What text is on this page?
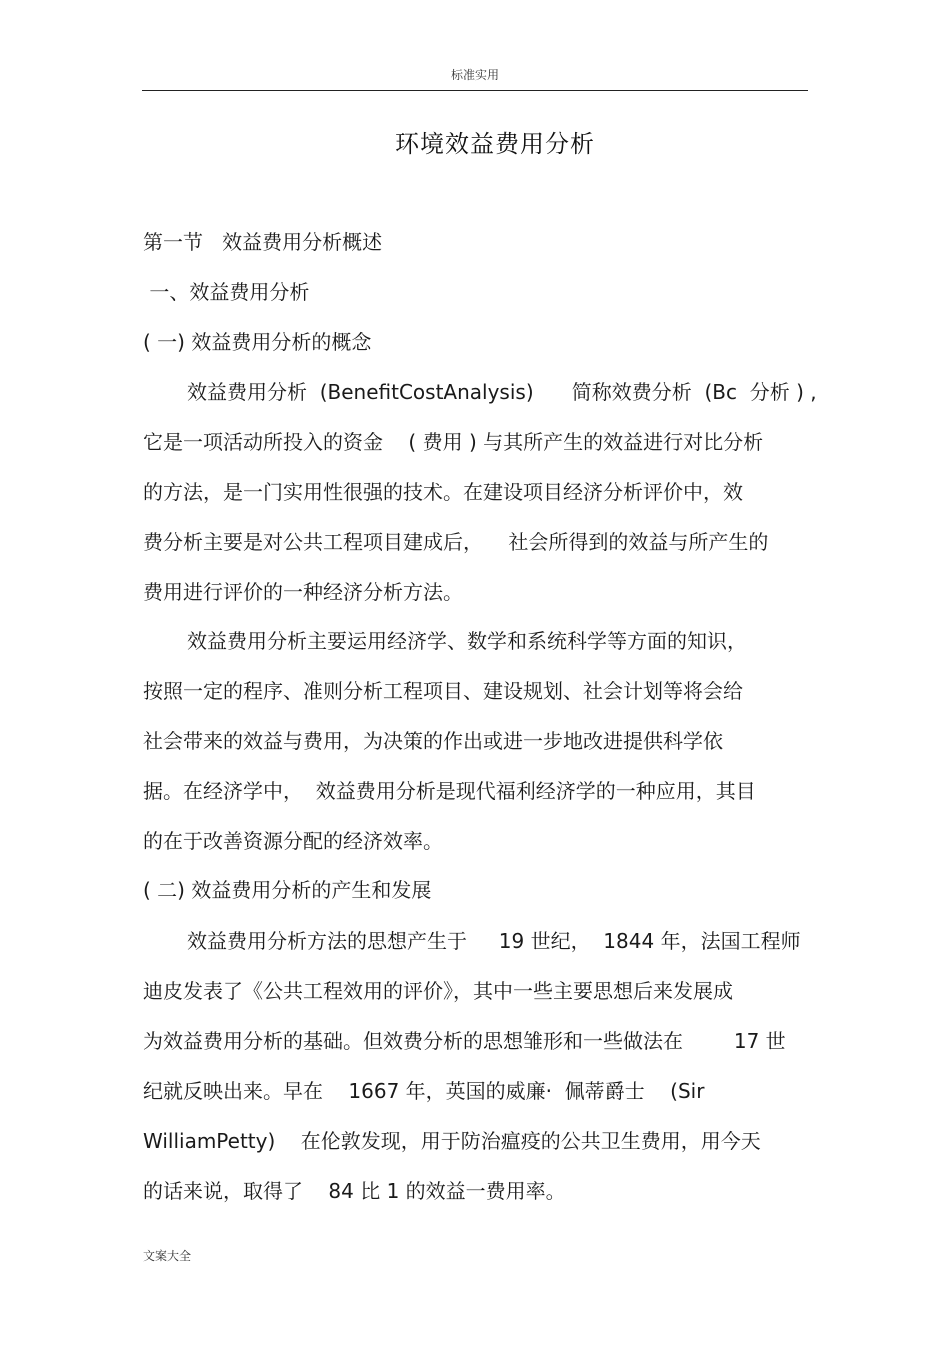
标准实用
环境效益费用分析
第一节   效益费用分析概述
一、效益费用分析
( 一) 效益费用分析的概念
效益费用分析  (BenefitCostAnalysis)      简称效费分析  (Bc  分析 ) ,
它是一项活动所投入的资金    ( 费用 ) 与其所产生的效益进行对比分析
的方法，是一门实用性很强的技术。在建设项目经济分析评价中，效
费分析主要是对公共工程项目建成后，    社会所得到的效益与所产生的
费用进行评价的一种经济分析方法。
效益费用分析主要运用经济学、数学和系统科学等方面的知识，
按照一定的程序、准则分析工程项目、建设规划、社会计划等将会给
社会带来的效益与费用，为决策的作出或进一步地改进提供科学依
据。在经济学中，  效益费用分析是现代福利经济学的一种应用，其目
的在于改善资源分配的经济效率。
( 二) 效益费用分析的产生和发展
效益费用分析方法的思想产生于     19 世纪，  1844 年，法国工程师
迪皮发表了《公共工程效用的评价》，其中一些主要思想后来发展成
为效益费用分析的基础。但效费分析的思想雏形和一些做法在        17 世
纪就反映出来。早在    1667 年，英国的威廉·  佩蒂爵士    (Sir
WilliamPetty)    在伦敦发现，用于防治瘟疫的公共卫生费用，用今天
的话来说，取得了    84 比 1 的效益一费用率。
文案大全
